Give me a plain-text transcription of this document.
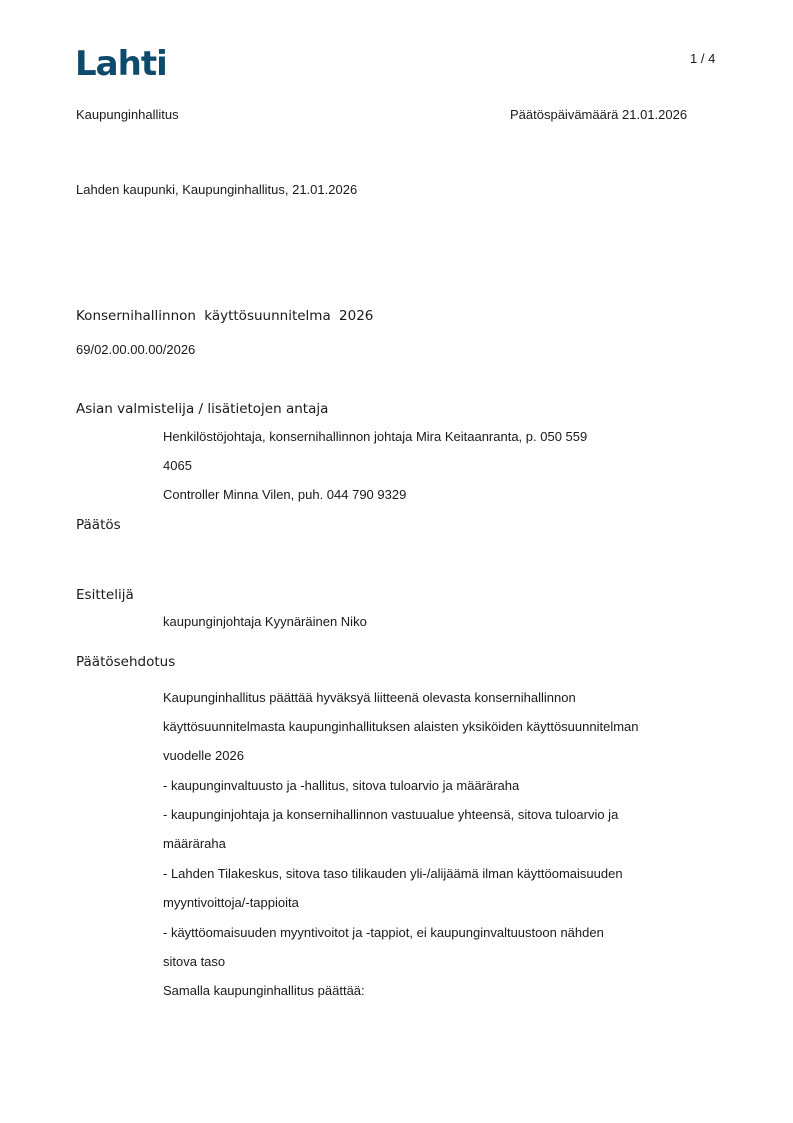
Lahti	1 / 4
Kaupunginhallitus	Päätöspäivämäärä 21.01.2026
Lahden kaupunki, Kaupunginhallitus, 21.01.2026
Konsernihallinnon käyttösuunnitelma 2026
69/02.00.00.00/2026
Asian valmistelija / lisätietojen antaja
Henkilöstöjohtaja, konsernihallinnon johtaja Mira Keitaanranta, p. 050 559
4065
Controller Minna Vilen, puh. 044 790 9329
Päätös
Esittelijä
kaupunginjohtaja Kyynäräinen Niko
Päätösehdotus
Kaupunginhallitus päättää hyväksyä liitteenä olevasta konsernihallinnon
käyttösuunnitelmasta kaupunginhallituksen alaisten yksiköiden käyttösuunnitelman
vuodelle 2026
- kaupunginvaltuusto ja -hallitus, sitova tuloarvio ja määräraha
- kaupunginjohtaja ja konsernihallinnon vastuualue yhteensä, sitova tuloarvio ja
määräraha
- Lahden Tilakeskus, sitova taso tilikauden yli-/alijäämä ilman käyttöomaisuuden
myyntivoittoja/-tappioita
- käyttöomaisuuden myyntivoitot ja -tappiot, ei kaupunginvaltuustoon nähden
sitova taso
Samalla kaupunginhallitus päättää:
